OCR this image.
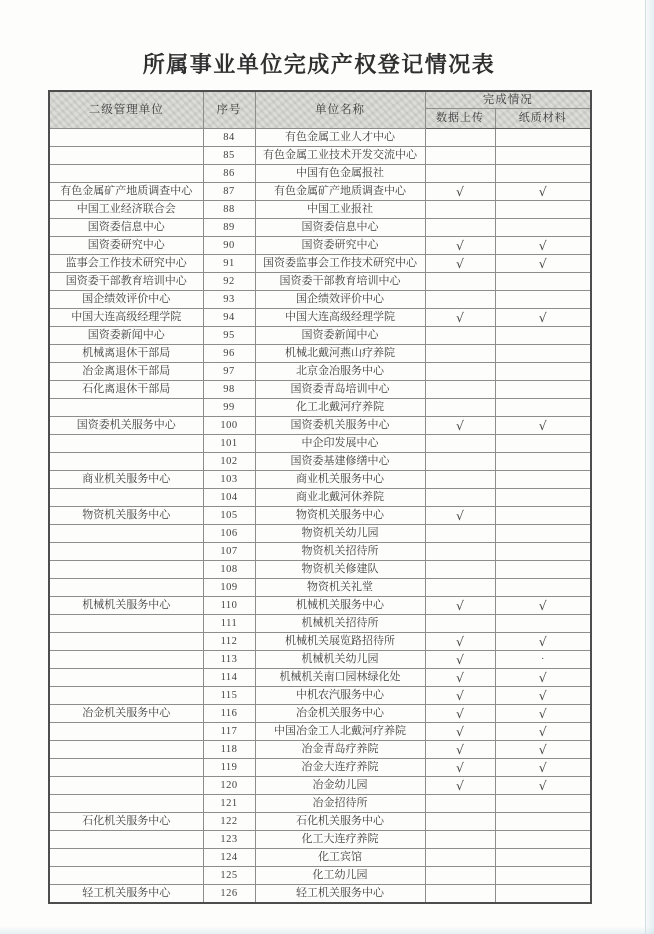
所属事业单位完成产权登记情况表
二级管理单位	序号	单位名称	完成情况	
			数据上传	纸质材料
	84	有色金属工业人才中心		
	85	有色金属工业技术开发交流中心		
	86	中国有色金属报社		
有色金属矿产地质调查中心	87	有色金属矿产地质调查中心	√	√
中国工业经济联合会	88	中国工业报社		
国资委信息中心	89	国资委信息中心		
国资委研究中心	90	国资委研究中心	√	√
监事会工作技术研究中心	91	国资委监事会工作技术研究中心	√	√
国资委干部教育培训中心	92	国资委干部教育培训中心		
国企绩效评价中心	93	国企绩效评价中心		
中国大连高级经理学院	94	中国大连高级经理学院	√	√
国资委新闻中心	95	国资委新闻中心		
机械离退休干部局	96	机械北戴河燕山疗养院		
冶金离退休干部局	97	北京金冶服务中心		
石化离退休干部局	98	国资委青岛培训中心		
	99	化工北戴河疗养院		
国资委机关服务中心	100	国资委机关服务中心	√	√
	101	中企印发展中心		
	102	国资委基建修缮中心		
商业机关服务中心	103	商业机关服务中心		
	104	商业北戴河休养院		
物资机关服务中心	105	物资机关服务中心	√	
	106	物资机关幼儿园		
	107	物资机关招待所		
	108	物资机关修建队		
	109	物资机关礼堂		
机械机关服务中心	110	机械机关服务中心	√	√
	111	机械机关招待所		
	112	机械机关展览路招待所	√	√
	113	机械机关幼儿园	√	·
	114	机械机关南口园林绿化处	√	√
	115	中机农汽服务中心	√	√
冶金机关服务中心	116	冶金机关服务中心	√	√
	117	中国冶金工人北戴河疗养院	√	√
	118	冶金青岛疗养院	√	√
	119	冶金大连疗养院	√	√
	120	冶金幼儿园	√	√
	121	冶金招待所		
石化机关服务中心	122	石化机关服务中心		
	123	化工大连疗养院		
	124	化工宾馆		
	125	化工幼儿园		
轻工机关服务中心	126	轻工机关服务中心		
